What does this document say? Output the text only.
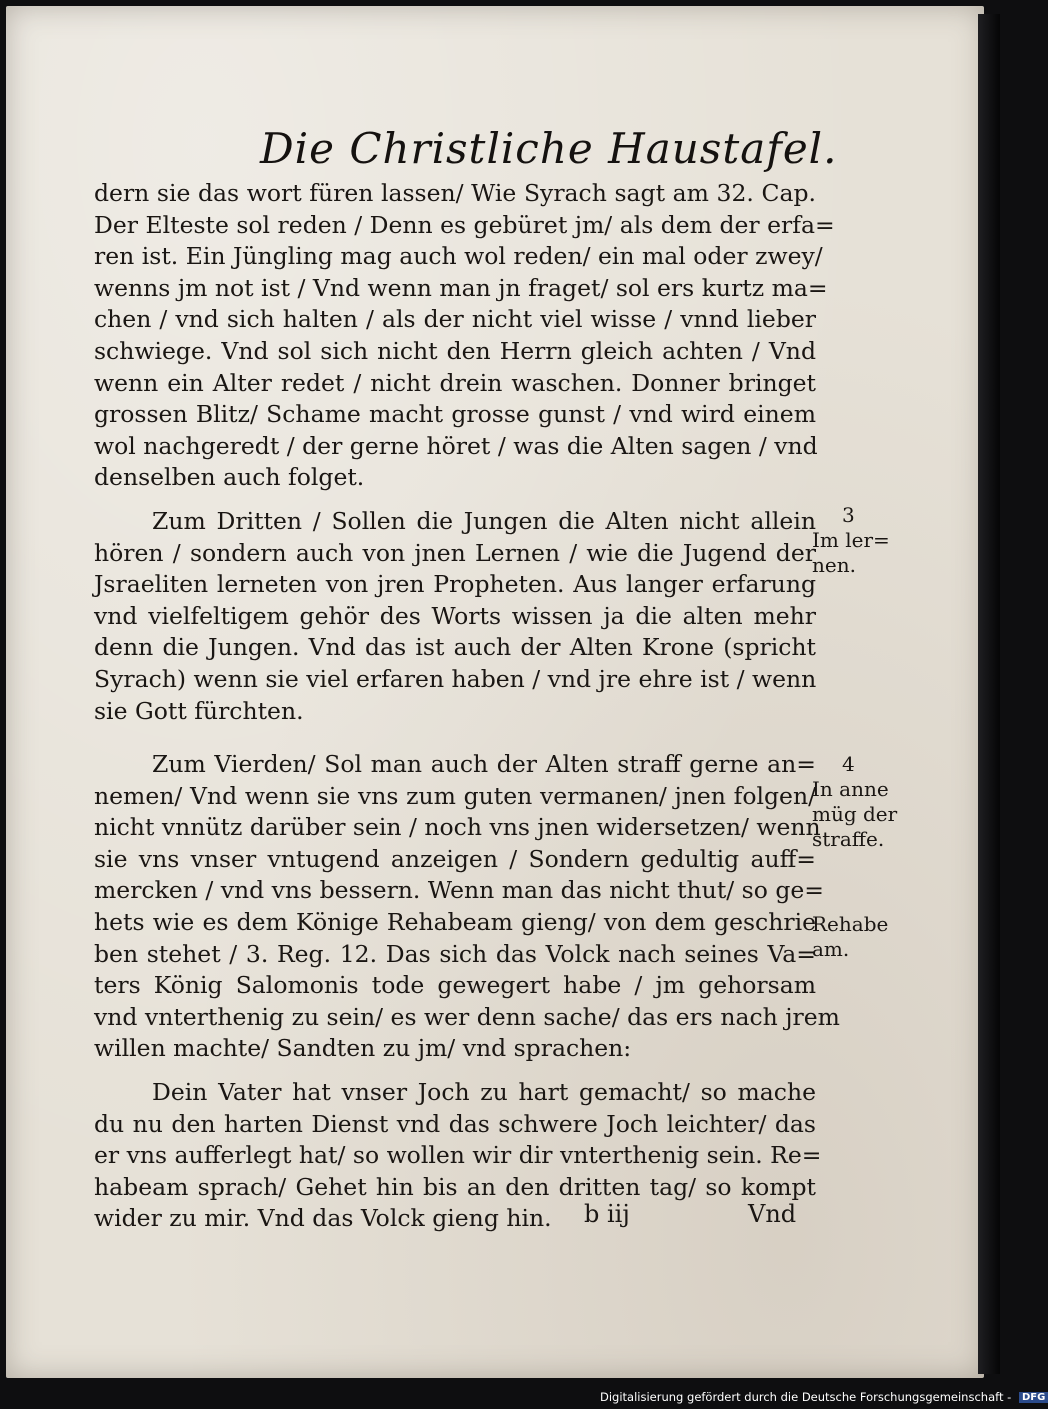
Die Christliche Haustafel.
dern sie das wort füren lassen/ Wie Syrach sagt am 32. Cap.
Der Elteste sol reden / Denn es gebüret jm/ als dem der erfa=
ren ist. Ein Jüngling mag auch wol reden/ ein mal oder zwey/
wenns jm not ist / Vnd wenn man jn fraget/ sol ers kurtz ma=
chen / vnd sich halten / als der nicht viel wisse / vnnd lieber
schwiege. Vnd sol sich nicht den Herrn gleich achten / Vnd
wenn ein Alter redet / nicht drein waschen. Donner bringet
grossen Blitz/ Schame macht grosse gunst / vnd wird einem
wol nachgeredt / der gerne höret / was die Alten sagen / vnd
denselben auch folget.
Zum Dritten / Sollen die Jungen die Alten nicht allein
hören / sondern auch von jnen Lernen / wie die Jugend der
Jsraeliten lerneten von jren Propheten. Aus langer erfarung
vnd vielfeltigem gehör des Worts wissen ja die alten mehr
denn die Jungen. Vnd das ist auch der Alten Krone (spricht
Syrach) wenn sie viel erfaren haben / vnd jre ehre ist / wenn
sie Gott fürchten.
Zum Vierden/ Sol man auch der Alten straff gerne an=
nemen/ Vnd wenn sie vns zum guten vermanen/ jnen folgen/
nicht vnnütz darüber sein / noch vns jnen widersetzen/ wenn
sie vns vnser vntugend anzeigen / Sondern gedultig auff=
mercken / vnd vns bessern. Wenn man das nicht thut/ so ge=
hets wie es dem Könige Rehabeam gieng/ von dem geschrie
ben stehet / 3. Reg. 12. Das sich das Volck nach seines Va=
ters König Salomonis tode gewegert habe / jm gehorsam
vnd vnterthenig zu sein/ es wer denn sache/ das ers nach jrem
willen machte/ Sandten zu jm/ vnd sprachen:
Dein Vater hat vnser Joch zu hart gemacht/ so mache
du nu den harten Dienst vnd das schwere Joch leichter/ das
er vns aufferlegt hat/ so wollen wir dir vnterthenig sein. Re=
habeam sprach/ Gehet hin bis an den dritten tag/ so kompt
wider zu mir. Vnd das Volck gieng hin.
3
Im ler= nen.
4
In anne müg der straffe.
Rehabe am.
b iij	Vnd
Digitalisierung gefördert durch die Deutsche Forschungsgemeinschaft - DFG
